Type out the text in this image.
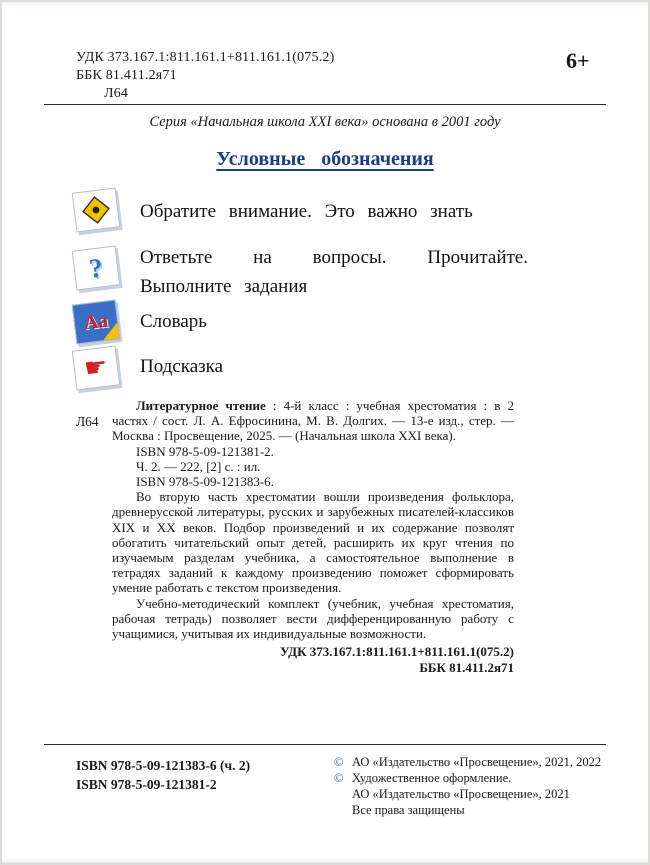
УДК 373.167.1:811.161.1+811.161.1(075.2)
ББК 81.411.2я71
Л64
6+
Серия «Начальная школа XXI века» основана в 2001 году
Условные обозначения
Обратите внимание. Это важно знать
? Ответьте на вопросы. Прочитайте. Выполните задания
Аа Словарь
☛ Подсказка
Л64

Литературное чтение : 4-й класс : учебная хрестоматия : в 2 частях / сост. Л. А. Ефросинина, М. В. Долгих. — 13-е изд., стер. — Москва : Просвещение, 2025. — (Начальная школа XXI века).

ISBN 978-5-09-121381-2.
Ч. 2. — 222, [2] с. : ил.
ISBN 978-5-09-121383-6.

Во вторую часть хрестоматии вошли произведения фольклора, древнерусской литературы, русских и зарубежных писателей-классиков XIX и XX веков. Подбор произведений и их содержание позволят обогатить читательский опыт детей, расширить их круг чтения по изучаемым разделам учебника, а самостоятельное выполнение в тетрадях заданий к каждому произведению поможет сформировать умение работать с текстом произведения.

Учебно-методический комплект (учебник, учебная хрестоматия, рабочая тетрадь) позволяет вести дифференцированную работу с учащимися, учитывая их индивидуальные возможности.

УДК 373.167.1:811.161.1+811.161.1(075.2)
ББК 81.411.2я71
ISBN 978-5-09-121383-6 (ч. 2)
ISBN 978-5-09-121381-2
© АО «Издательство «Просвещение», 2021, 2022
© Художественное оформление.
АО «Издательство «Просвещение», 2021
Все права защищены
